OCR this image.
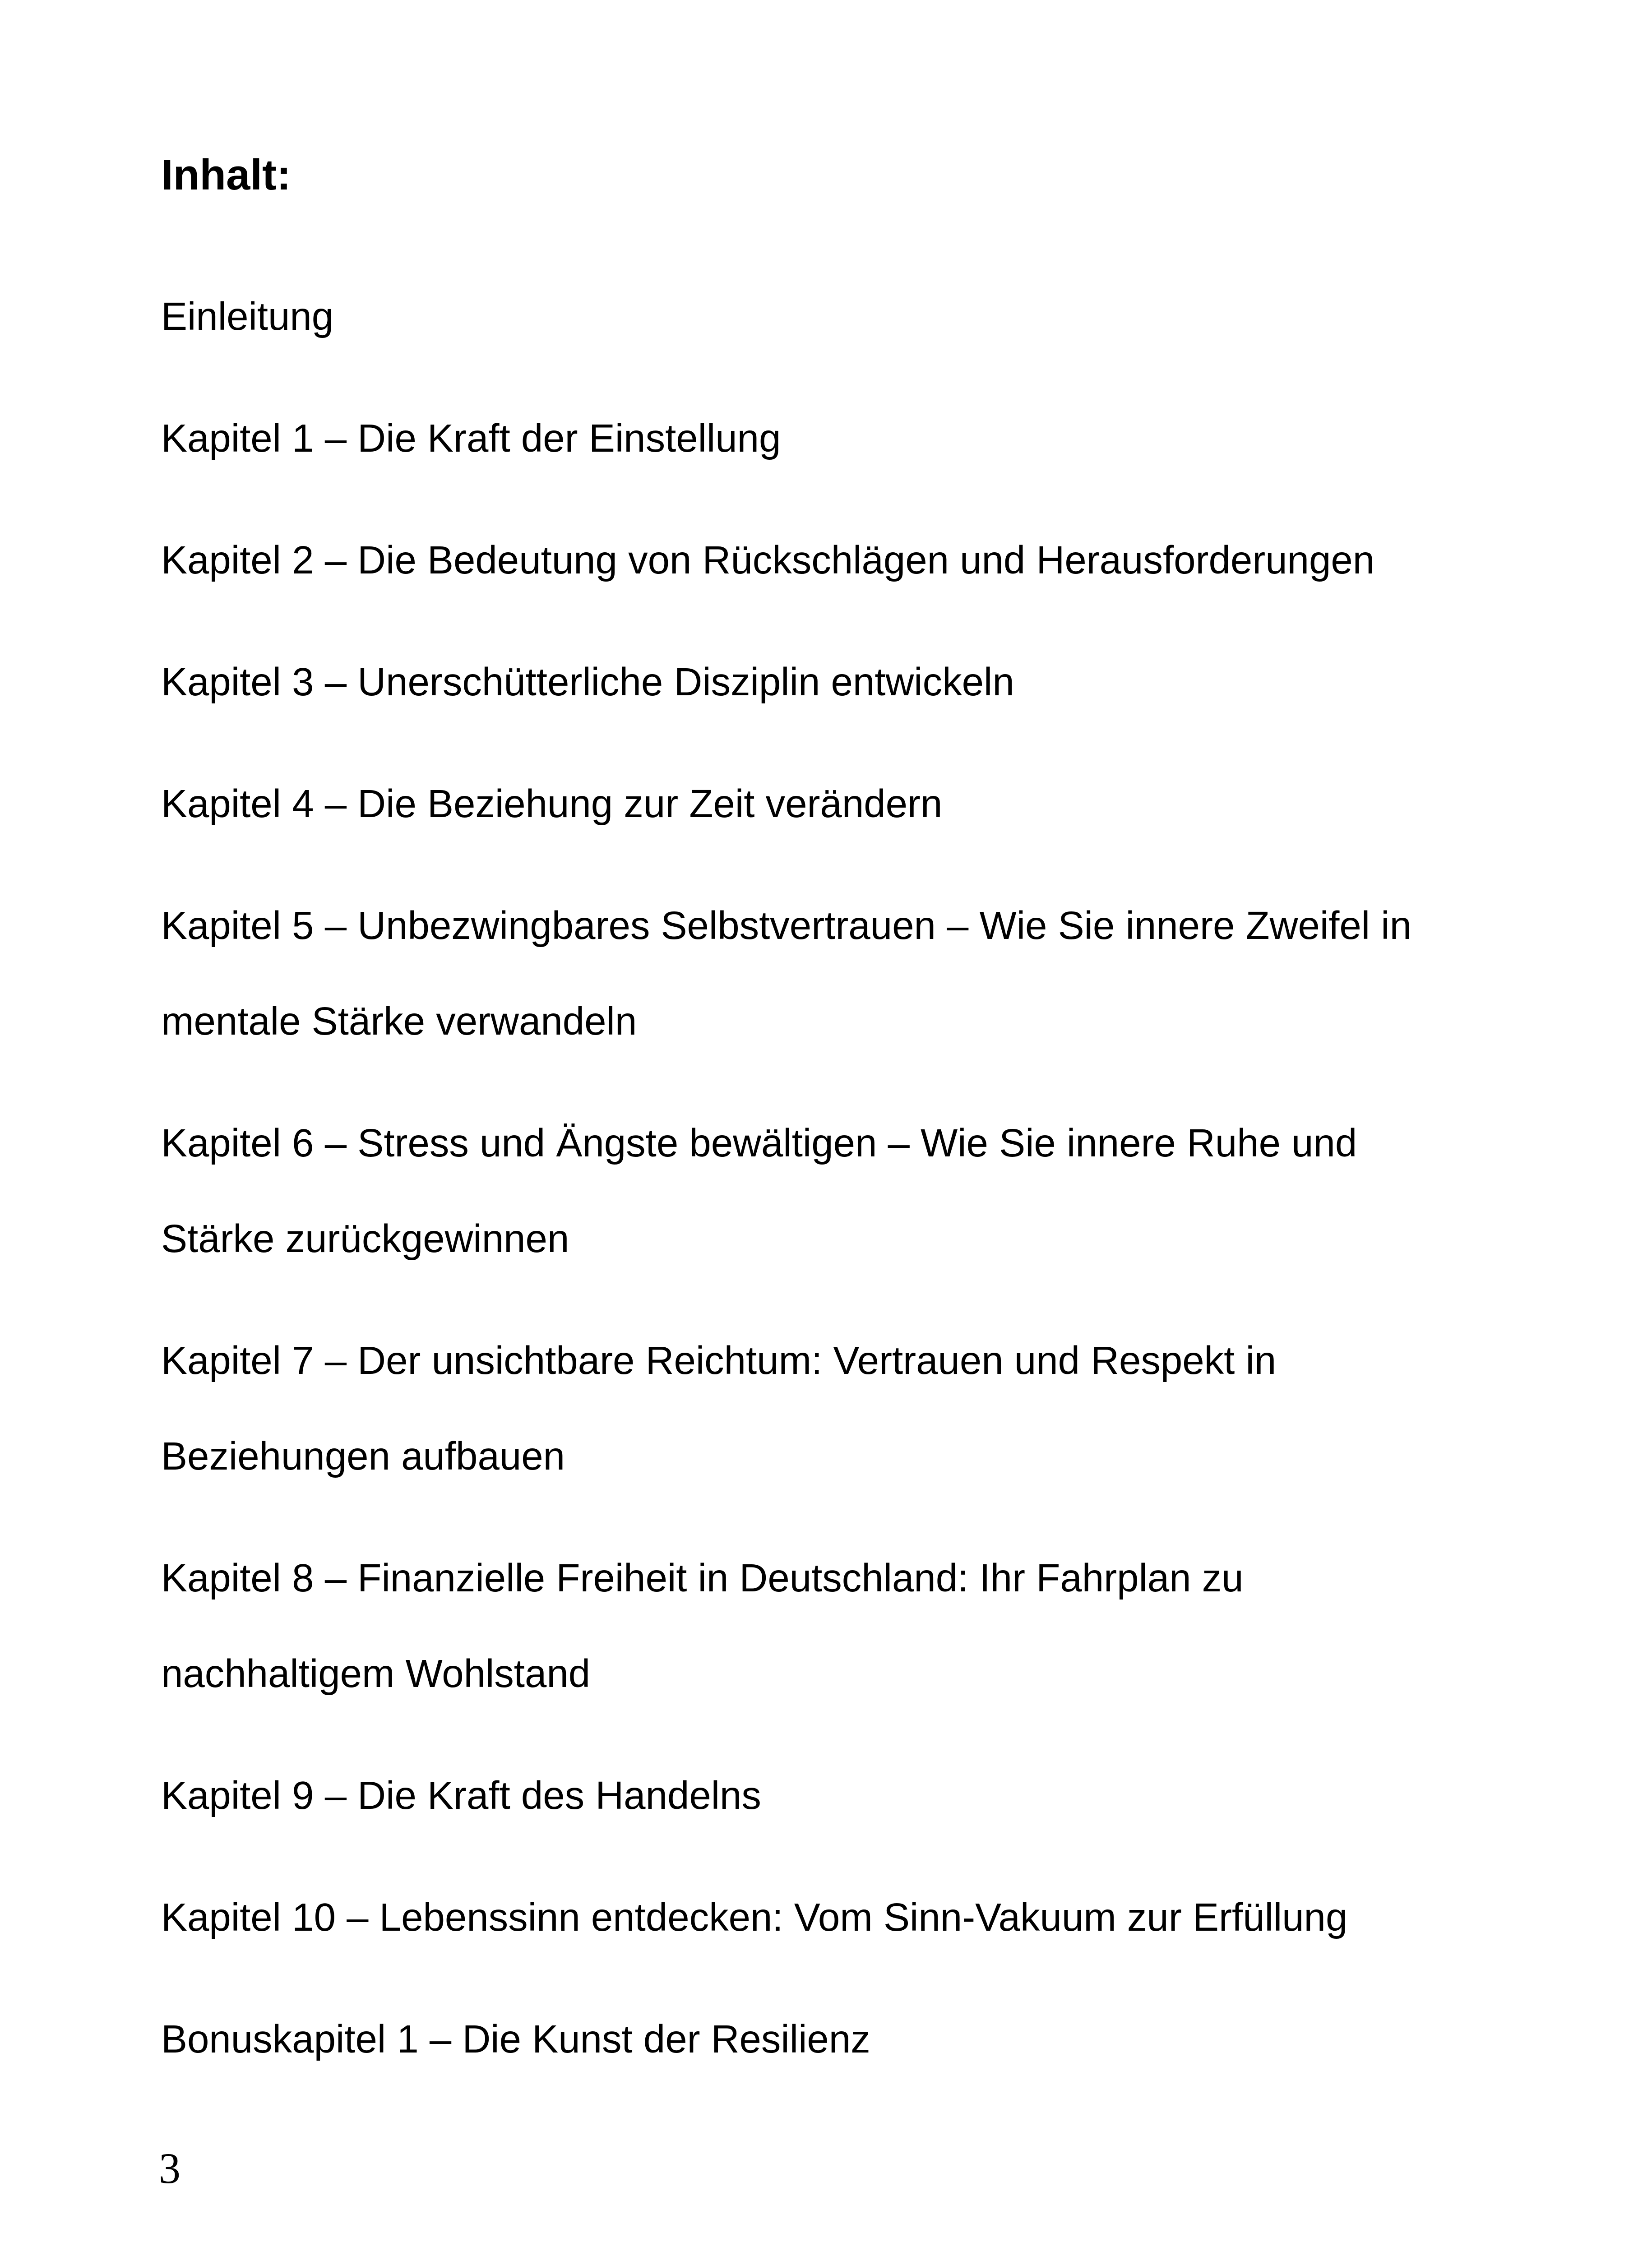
Inhalt:

Einleitung

Kapitel 1 – Die Kraft der Einstellung

Kapitel 2 – Die Bedeutung von Rückschlägen und Herausforderungen

Kapitel 3 – Unerschütterliche Disziplin entwickeln

Kapitel 4 – Die Beziehung zur Zeit verändern

Kapitel 5 – Unbezwingbares Selbstvertrauen – Wie Sie innere Zweifel in

mentale Stärke verwandeln

Kapitel 6 – Stress und Ängste bewältigen – Wie Sie innere Ruhe und

Stärke zurückgewinnen

Kapitel 7 – Der unsichtbare Reichtum: Vertrauen und Respekt in

Beziehungen aufbauen

Kapitel 8 – Finanzielle Freiheit in Deutschland: Ihr Fahrplan zu

nachhaltigem Wohlstand

Kapitel 9 – Die Kraft des Handelns

Kapitel 10 – Lebenssinn entdecken: Vom Sinn-Vakuum zur Erfüllung

Bonuskapitel 1 – Die Kunst der Resilienz

3
